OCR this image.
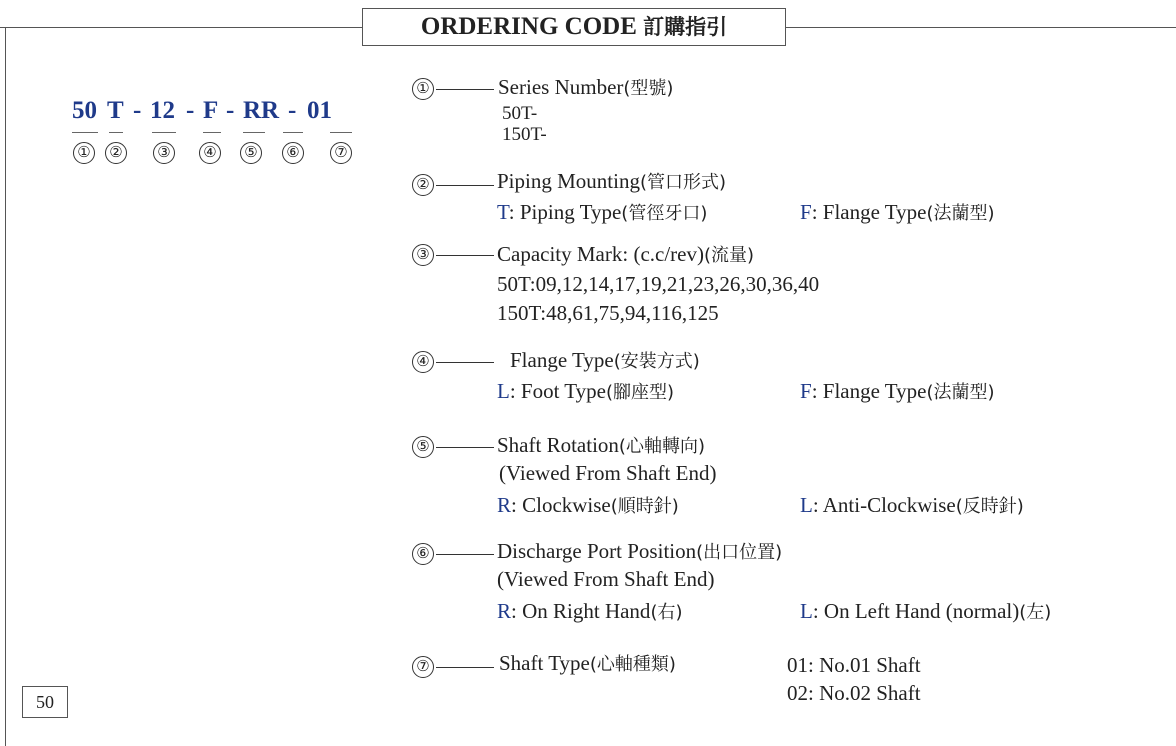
ORDERING CODE 訂購指引
50 T - 12 - F - RR - 01
① ② ③ ④ ⑤ ⑥ ⑦
①	Series Number(型號)
50T-
150T-
②	Piping Mounting(管口形式)
T: Piping Type(管徑牙口)	F: Flange Type(法蘭型)
③	Capacity Mark: (c.c/rev)(流量)
50T:09,12,14,17,19,21,23,26,30,36,40
150T:48,61,75,94,116,125
④	Flange Type(安裝方式)
L: Foot Type(腳座型)	F: Flange Type(法蘭型)
⑤	Shaft Rotation(心軸轉向)
(Viewed From Shaft End)
R: Clockwise(順時針)	L: Anti-Clockwise(反時針)
⑥	Discharge Port Position(出口位置)
(Viewed From Shaft End)
R: On Right Hand(右)	L: On Left Hand (normal)(左)
⑦	Shaft Type(心軸種類)	01: No.01 Shaft
02: No.02 Shaft
50
